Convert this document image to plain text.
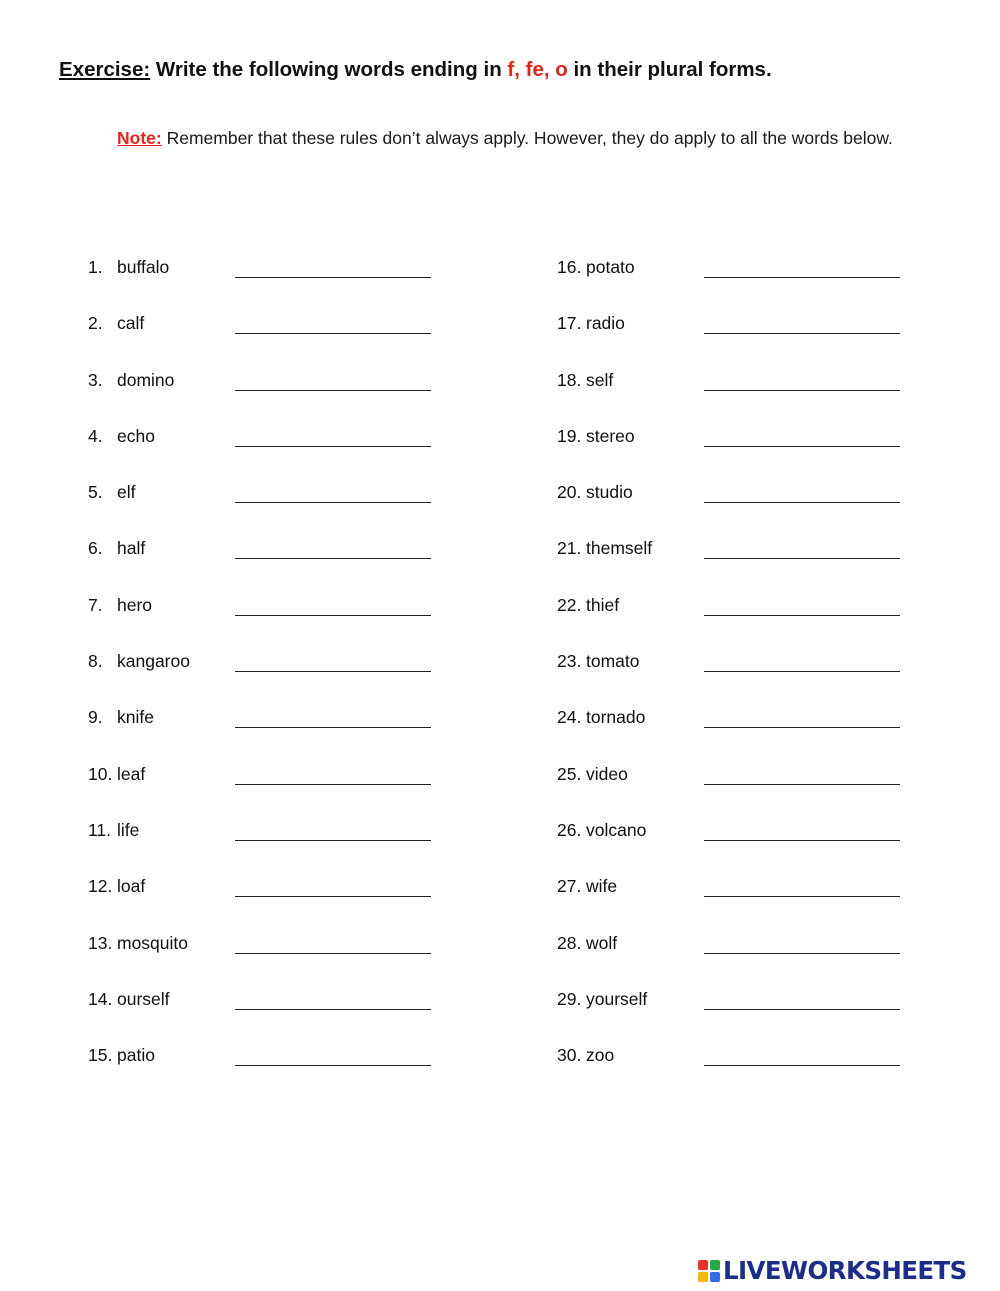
Exercise: Write the following words ending in f, fe, o in their plural forms.
Note: Remember that these rules don’t always apply. However, they do apply to all the words below.
1. buffalo
2. calf
3. domino
4. echo
5. elf
6. half
7. hero
8. kangaroo
9. knife
10. leaf
11. life
12. loaf
13. mosquito
14. ourself
15. patio
16. potato
17. radio
18. self
19. stereo
20. studio
21. themself
22. thief
23. tomato
24. tornado
25. video
26. volcano
27. wife
28. wolf
29. yourself
30. zoo
LIVEWORKSHEETS
